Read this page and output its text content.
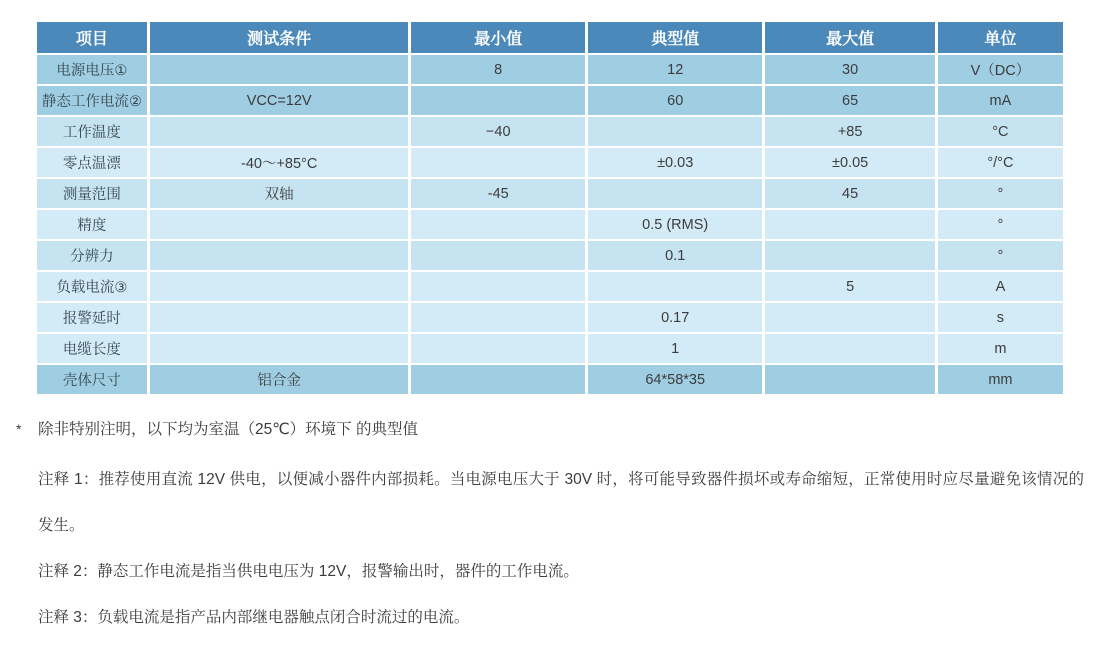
项目	测试条件	最小值	典型值	最大值	单位
电源电压①		8	12	30	V（DC）
静态工作电流②	VCC=12V		60	65	mA
工作温度		−40		+85	°C
零点温漂	-40～+85°C		±0.03	±0.05	°/°C
测量范围	双轴	-45		45	°
精度			0.5 (RMS)		°
分辨力			0.1		°
负载电流③				5	A
报警延时			0.17		s
电缆长度			1		m
壳体尺寸	铝合金		64*58*35		mm
*	除非特别注明，以下均为室温（25℃）环境下 的典型值
注释 1：推荐使用直流 12V 供电，以便减小器件内部损耗。当电源电压大于 30V 时，将可能导致器件损坏或寿命缩短，正常使用时应尽量避免该情况的发生。
注释 2：静态工作电流是指当供电电压为 12V，报警输出时，器件的工作电流。
注释 3：负载电流是指产品内部继电器触点闭合时流过的电流。
